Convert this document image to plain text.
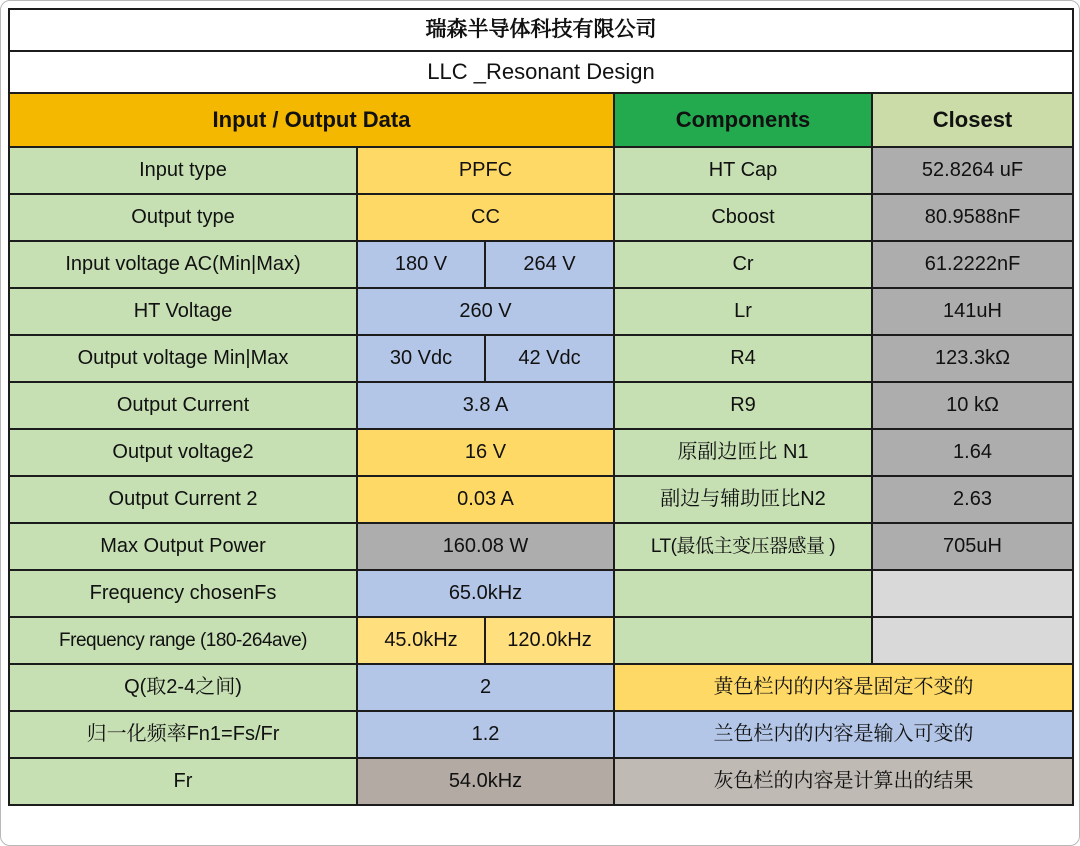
瑞森半导体科技有限公司				
LLC _Resonant Design				
Input / Output Data			Components	Closest
Input type	PPFC		HT Cap	52.8264 uF
Output type	CC		Cboost	80.9588nF
Input voltage AC(Min|Max)	180 V	264 V	Cr	61.2222nF
HT Voltage	260 V		Lr	141uH
Output voltage Min|Max	30 Vdc	42 Vdc	R4	123.3kΩ
Output Current	3.8 A		R9	10 kΩ
Output voltage2	16 V		原副边匝比 N1	1.64
Output Current 2	0.03 A		副边与辅助匝比N2	2.63
Max Output Power	160.08 W		LT(最低主变压器感量 )	705uH
Frequency chosenFs	65.0kHz			
Frequency range (180-264ave)	45.0kHz	120.0kHz		
Q(取2-4之间)	2		黄色栏内的内容是固定不变的	
归一化频率Fn1=Fs/Fr	1.2		兰色栏内的内容是输入可变的	
Fr	54.0kHz		灰色栏的内容是计算出的结果	
